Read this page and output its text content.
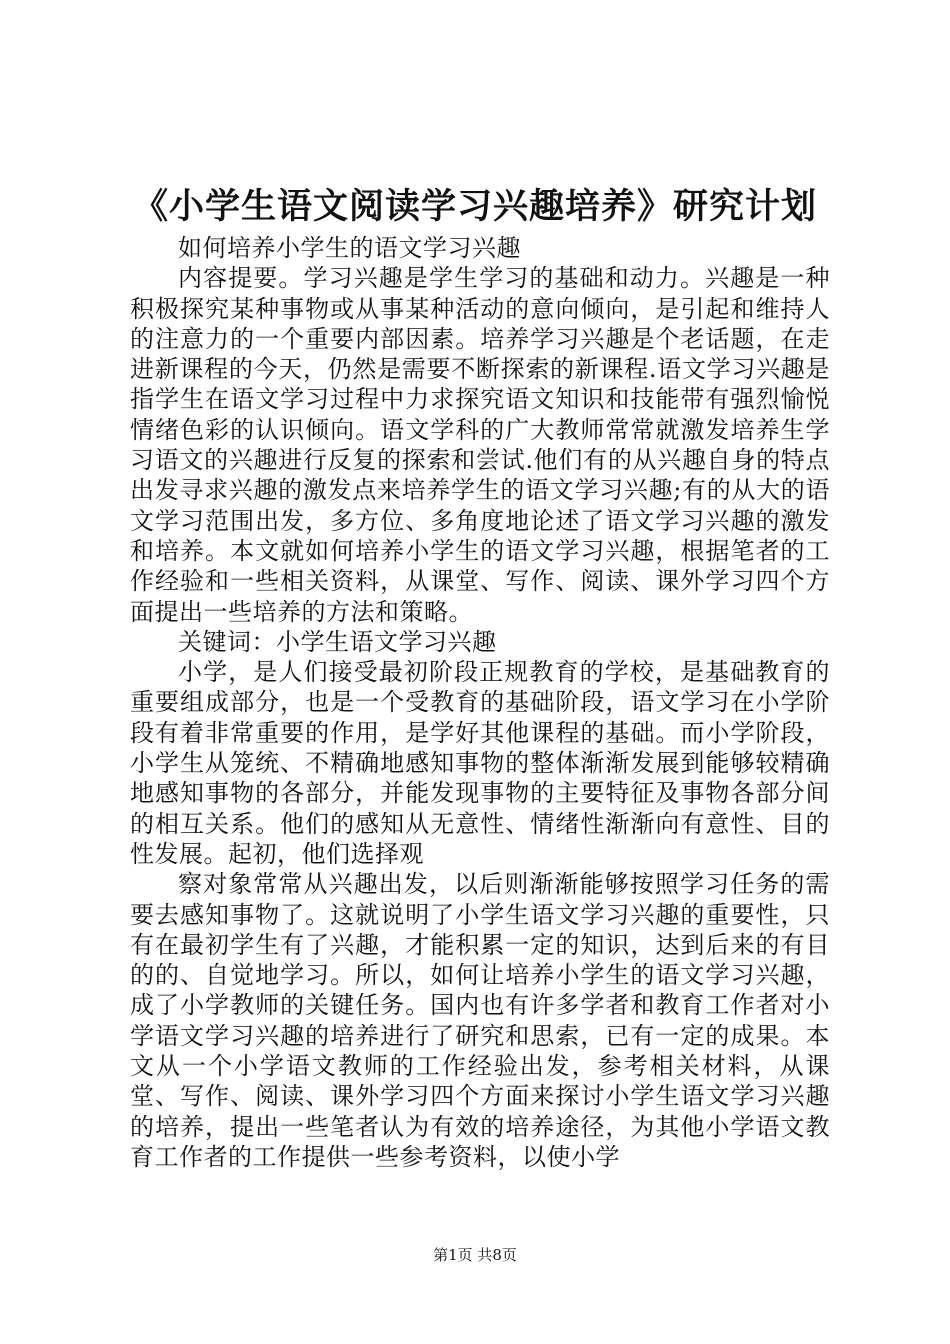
《小学生语文阅读学习兴趣培养》研究计划

如何培养小学生的语文学习兴趣

内容提要。学习兴趣是学生学习的基础和动力。兴趣是一种积极探究某种事物或从事某种活动的意向倾向，是引起和维持人的注意力的一个重要内部因素。培养学习兴趣是个老话题，在走进新课程的今天，仍然是需要不断探索的新课程.语文学习兴趣是指学生在语文学习过程中力求探究语文知识和技能带有强烈愉悦情绪色彩的认识倾向。语文学科的广大教师常常就激发培养生学习语文的兴趣进行反复的探索和尝试.他们有的从兴趣自身的特点出发寻求兴趣的激发点来培养学生的语文学习兴趣;有的从大的语文学习范围出发，多方位、多角度地论述了语文学习兴趣的激发和培养。本文就如何培养小学生的语文学习兴趣，根据笔者的工作经验和一些相关资料，从课堂、写作、阅读、课外学习四个方面提出一些培养的方法和策略。

关键词：小学生语文学习兴趣

小学，是人们接受最初阶段正规教育的学校，是基础教育的重要组成部分，也是一个受教育的基础阶段，语文学习在小学阶段有着非常重要的作用，是学好其他课程的基础。而小学阶段，小学生从笼统、不精确地感知事物的整体渐渐发展到能够较精确地感知事物的各部分，并能发现事物的主要特征及事物各部分间的相互关系。他们的感知从无意性、情绪性渐渐向有意性、目的性发展。起初，他们选择观

察对象常常从兴趣出发，以后则渐渐能够按照学习任务的需要去感知事物了。这就说明了小学生语文学习兴趣的重要性，只有在最初学生有了兴趣，才能积累一定的知识，达到后来的有目的的、自觉地学习。所以，如何让培养小学生的语文学习兴趣，成了小学教师的关键任务。国内也有许多学者和教育工作者对小学语文学习兴趣的培养进行了研究和思索，已有一定的成果。本文从一个小学语文教师的工作经验出发，参考相关材料，从课堂、写作、阅读、课外学习四个方面来探讨小学生语文学习兴趣的培养，提出一些笔者认为有效的培养途径，为其他小学语文教育工作者的工作提供一些参考资料，以使小学

第1页 共8页
